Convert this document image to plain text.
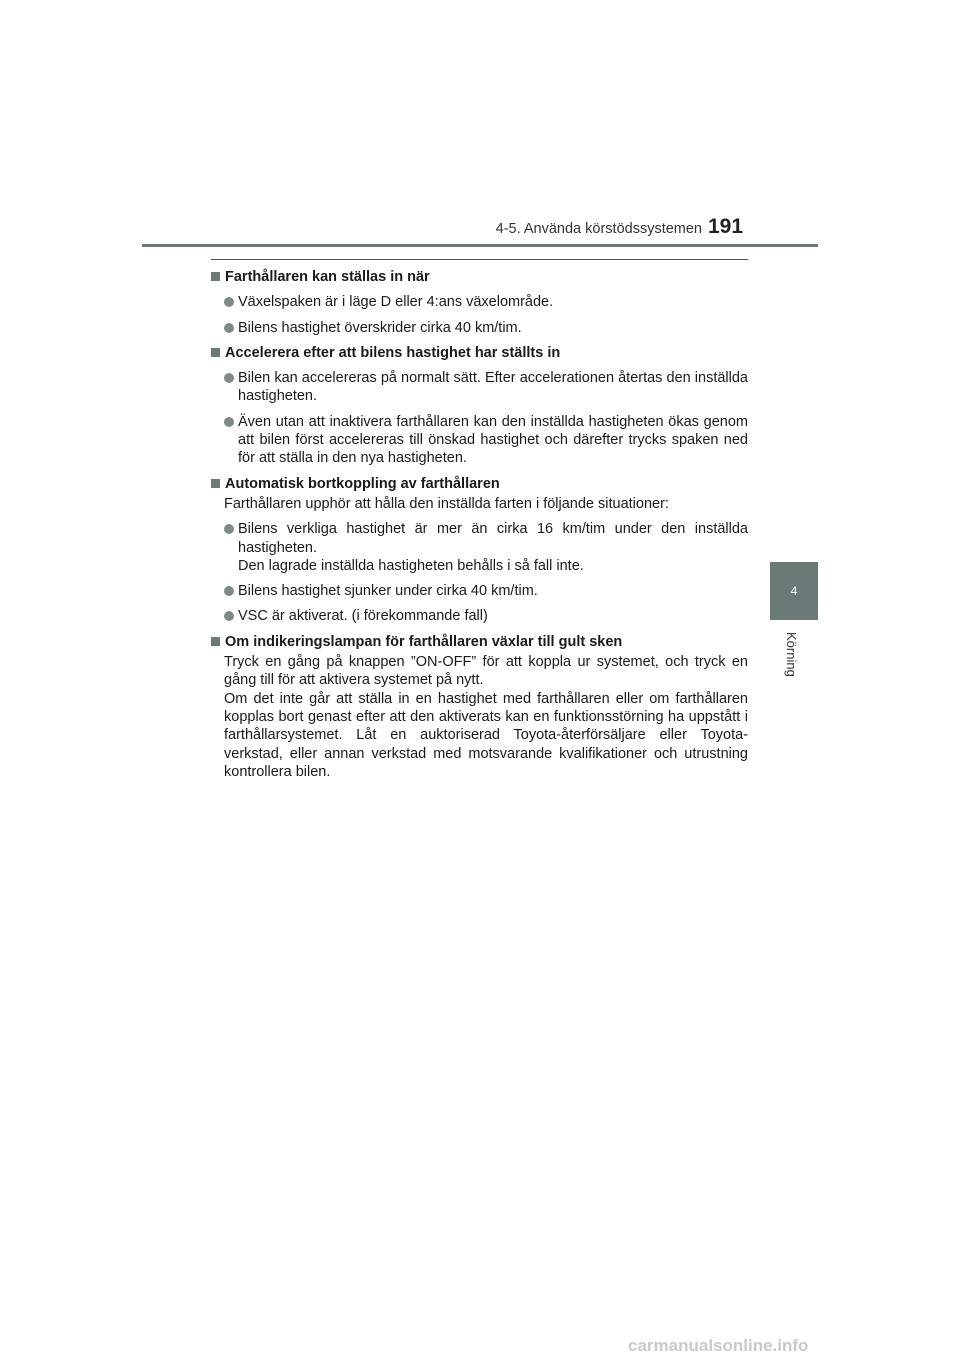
4-5. Använda körstödssystemen 191
4
Körning
Farthållaren kan ställas in när
Växelspaken är i läge D eller 4:ans växelområde.
Bilens hastighet överskrider cirka 40 km/tim.
Accelerera efter att bilens hastighet har ställts in
Bilen kan accelereras på normalt sätt. Efter accelerationen återtas den inställda hastigheten.
Även utan att inaktivera farthållaren kan den inställda hastigheten ökas genom att bilen först accelereras till önskad hastighet och därefter trycks spaken ned för att ställa in den nya hastigheten.
Automatisk bortkoppling av farthållaren
Farthållaren upphör att hålla den inställda farten i följande situationer:
Bilens verkliga hastighet är mer än cirka 16 km/tim under den inställda hastigheten.
Den lagrade inställda hastigheten behålls i så fall inte.
Bilens hastighet sjunker under cirka 40 km/tim.
VSC är aktiverat. (i förekommande fall)
Om indikeringslampan för farthållaren växlar till gult sken
Tryck en gång på knappen ”ON-OFF” för att koppla ur systemet, och tryck en gång till för att aktivera systemet på nytt.
Om det inte går att ställa in en hastighet med farthållaren eller om farthållaren kopplas bort genast efter att den aktiverats kan en funktionsstörning ha uppstått i farthållarsystemet. Låt en auktoriserad Toyota-återförsäljare eller Toyota-verkstad, eller annan verkstad med motsvarande kvalifikationer och utrustning kontrollera bilen.
carmanualsonline.info
